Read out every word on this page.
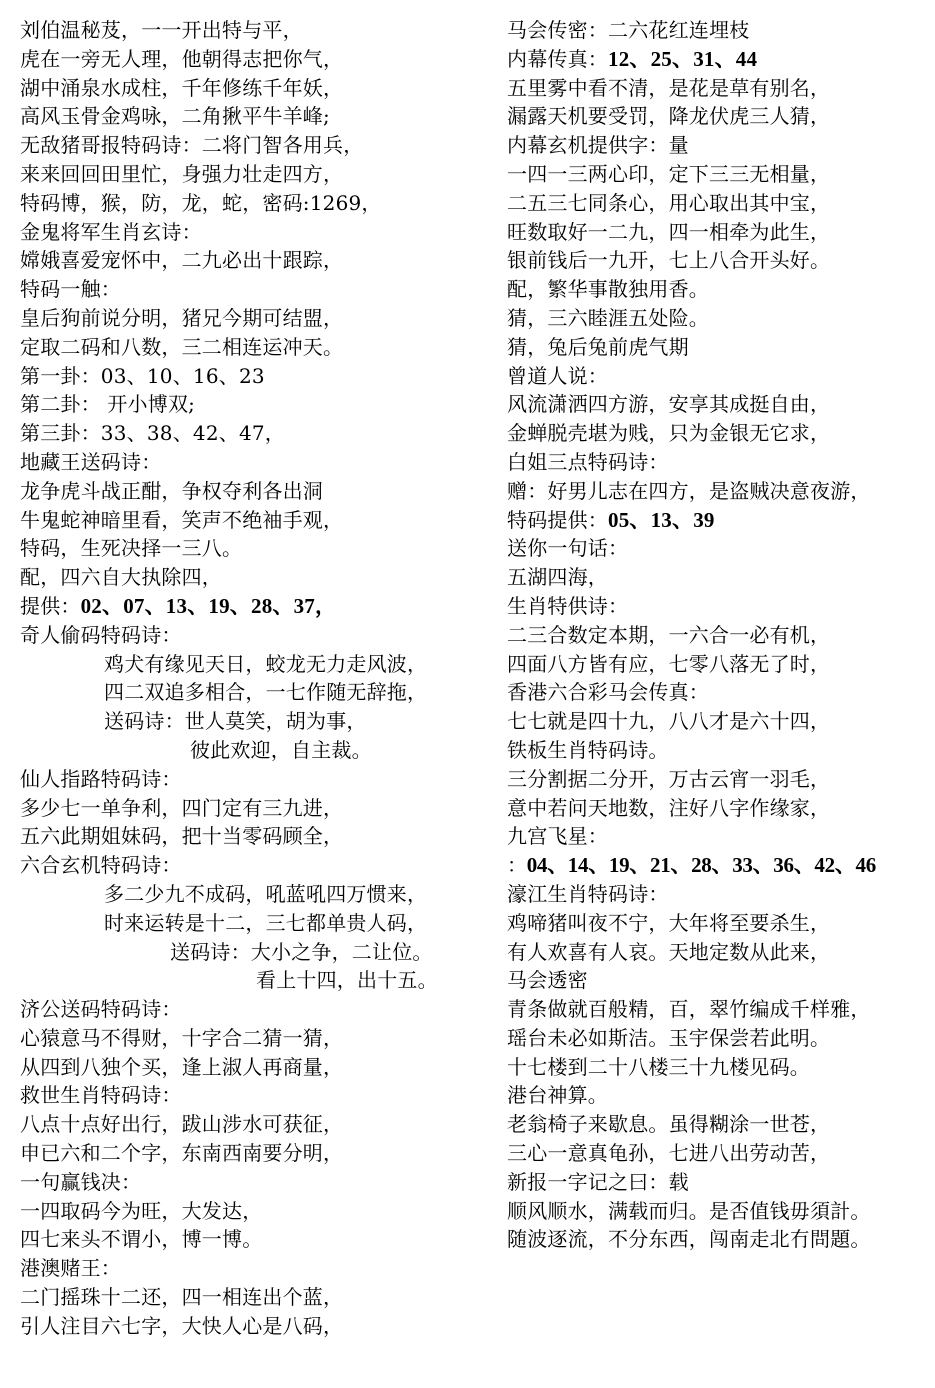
刘伯温秘芨，一一开出特与平，
虎在一旁无人理，他朝得志把你气，
湖中涌泉水成柱，千年修练千年妖，
高风玉骨金鸡咏，二角揪平牛羊峰;
无敌猪哥报特码诗：二将门智各用兵，
来来回回田里忙，身强力壮走四方，
特码博，猴，防，龙，蛇，密码:1269，
金鬼将军生肖玄诗：
嫦娥喜爱宠怀中，二九必出十跟踪，
特码一触：
皇后狗前说分明，猪兄今期可结盟，
定取二码和八数，三二相连运冲天。
第一卦：03、10、16、23
第二卦： 开小博双;
第三卦：33、38、42、47，
地藏王送码诗：
龙争虎斗战正酣，争权夺利各出洞
牛鬼蛇神暗里看，笑声不绝袖手观，
特码，生死决择一三八。
配，四六自大执除四，
提供：02、07、13、19、28、37，
奇人偷码特码诗：
鸡犬有缘见天日，蛟龙无力走风波，
四二双追多相合，一七作随无辞拖，
送码诗：世人莫笑，胡为事，
彼此欢迎，自主裁。
仙人指路特码诗：
多少七一单争利，四门定有三九进，
五六此期姐妹码，把十当零码顾全，
六合玄机特码诗：
多二少九不成码，吼蓝吼四万惯来，
时来运转是十二，三七都单贵人码，
送码诗：大小之争，二让位。
看上十四，出十五。
济公送码特码诗：
心猿意马不得财，十字合二猜一猜，
从四到八独个买，逢上淑人再商量，
救世生肖特码诗：
八点十点好出行，跋山涉水可获征，
申已六和二个字，东南西南要分明，
一句赢钱决：
一四取码今为旺，大发达，
四七来头不谓小，博一博。
港澳赌王：
二门摇珠十二还，四一相连出个蓝，
引人注目六七字，大快人心是八码，
马会传密：二六花红连埋枝
内幕传真：12、25、31、44
五里雾中看不清，是花是草有别名，
漏露天机要受罚，降龙伏虎三人猜，
内幕玄机提供字：量
一四一三两心印，定下三三无相量，
二五三七同条心，用心取出其中宝，
旺数取好一二九，四一相牵为此生，
银前钱后一九开，七上八合开头好。
配，繁华事散独用香。
猜，三六睦涯五处险。
猜，兔后兔前虎气期
曾道人说：
风流潇洒四方游，安享其成挺自由，
金蝉脱壳堪为贱，只为金银无它求，
白姐三点特码诗：
赠：好男儿志在四方，是盗贼决意夜游，
特码提供：05、13、39
送你一句话：
五湖四海，
生肖特供诗：
二三合数定本期，一六合一必有机，
四面八方皆有应，七零八落无了时，
香港六合彩马会传真：
七七就是四十九，八八才是六十四，
铁板生肖特码诗。
三分割据二分开，万古云宵一羽毛，
意中若问天地数，注好八字作缘家，
九宫飞星：
：04、14、19、21、28、33、36、42、46
濠江生肖特码诗：
鸡啼猪叫夜不宁，大年将至要杀生，
有人欢喜有人哀。天地定数从此来，
马会透密
青条做就百般精，百，翠竹编成千样雅，
瑶台未必如斯洁。玉宇保尝若此明。
十七楼到二十八楼三十九楼见码。
港台神算。
老翁椅子来歇息。虽得糊涂一世苍，
三心一意真龟孙，七进八出劳动苦，
新报一字记之曰：载
顺风顺水，满载而归。是否值钱毋須計。
随波逐流，不分东西，闯南走北冇問題。
